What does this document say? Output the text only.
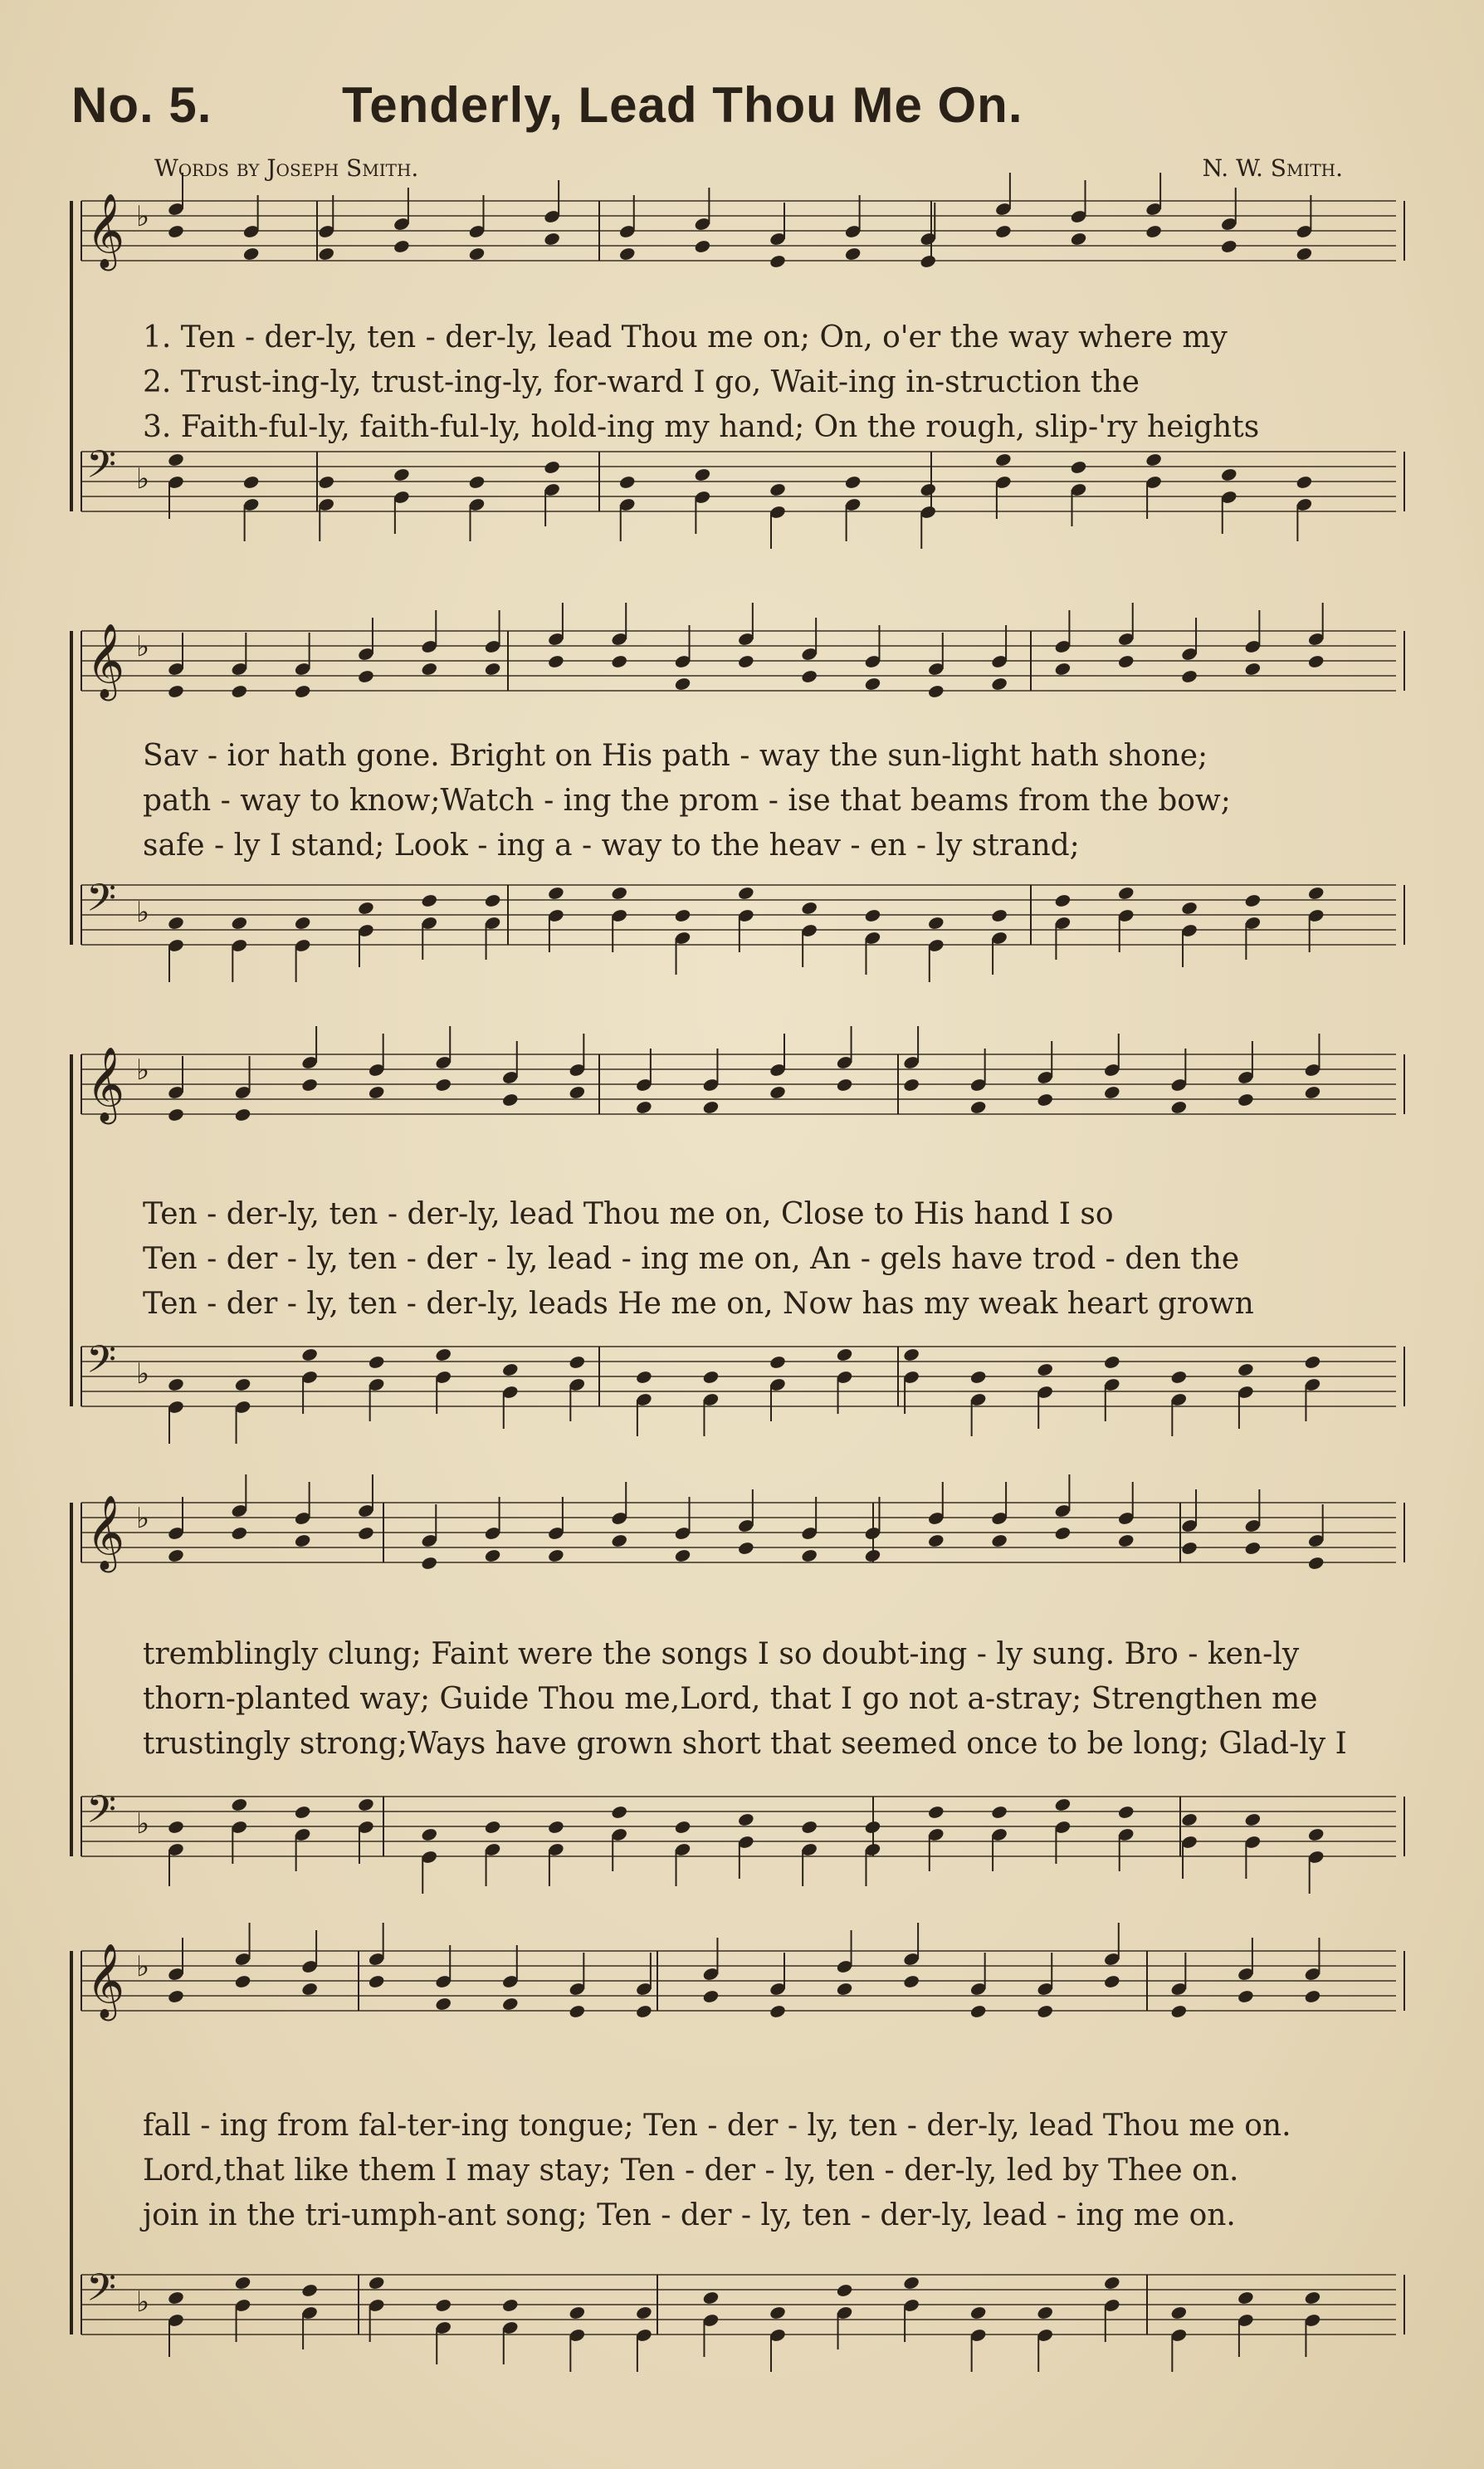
No. 5.	Tenderly, Lead Thou Me On.
Words by Joseph Smith.	N. W. Smith.
𝄞 ♭
𝄢 ♭
1. Ten - der-ly, ten - der-ly, lead Thou me on; On, o'er the way where my
2. Trust-ing-ly, trust-ing-ly, for-ward I go, Wait-ing in-struction the
3. Faith-ful-ly, faith-ful-ly, hold-ing my hand; On the rough, slip-'ry heights
𝄞 ♭
𝄢 ♭
Sav - ior hath gone. Bright on His path - way the sun-light hath shone;
path - way to know;Watch - ing the prom - ise that beams from the bow;
safe - ly I stand; Look - ing a - way to the heav - en - ly strand;
𝄞 ♭
𝄢 ♭
Ten - der-ly, ten - der-ly, lead Thou me on, Close to His hand I so
Ten - der - ly, ten - der - ly, lead - ing me on, An - gels have trod - den the
Ten - der - ly, ten - der-ly, leads He me on, Now has my weak heart grown
𝄞 ♭
𝄢 ♭
tremblingly clung; Faint were the songs I so doubt-ing - ly sung. Bro - ken-ly
thorn-planted way; Guide Thou me,Lord, that I go not a-stray; Strengthen me
trustingly strong;Ways have grown short that seemed once to be long; Glad-ly I
𝄞 ♭
𝄢 ♭
fall - ing from fal-ter-ing tongue; Ten - der - ly, ten - der-ly, lead Thou me on.
Lord,that like them I may stay; Ten - der - ly, ten - der-ly, led by Thee on.
join in the tri-umph-ant song; Ten - der - ly, ten - der-ly, lead - ing me on.
